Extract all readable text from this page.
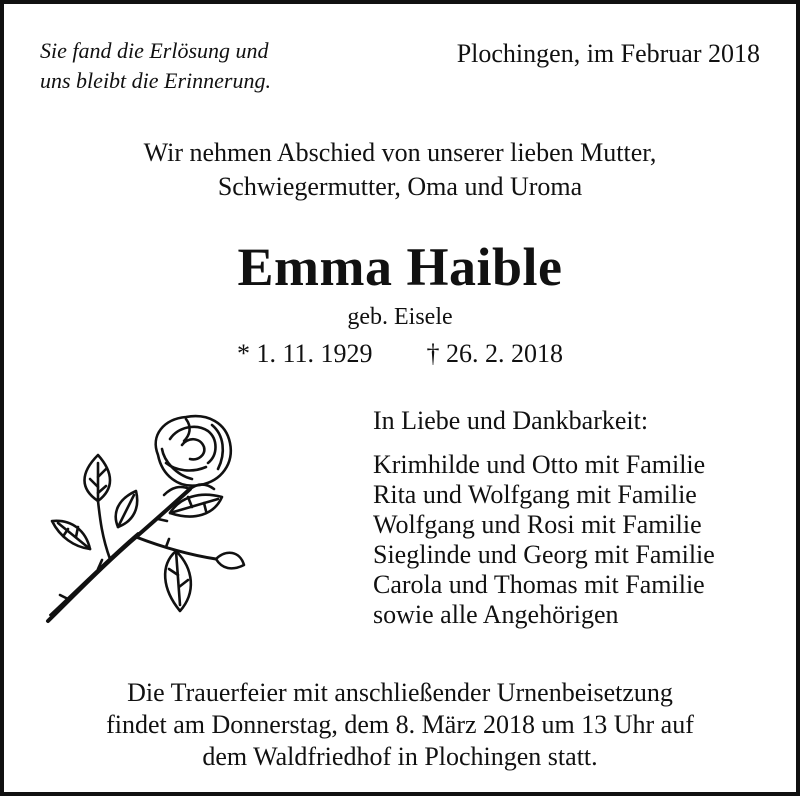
Sie fand die Erlösung und
uns bleibt die Erinnerung.

Plochingen, im Februar 2018

Wir nehmen Abschied von unserer lieben Mutter,
Schwiegermutter, Oma und Uroma

Emma Haible

geb. Eisele

* 1. 11. 1929 † 26. 2. 2018

In Liebe und Dankbarkeit:
Krimhilde und Otto mit Familie
Rita und Wolfgang mit Familie
Wolfgang und Rosi mit Familie
Sieglinde und Georg mit Familie
Carola und Thomas mit Familie
sowie alle Angehörigen

Die Trauerfeier mit anschließender Urnenbeisetzung
findet am Donnerstag, dem 8. März 2018 um 13 Uhr auf
dem Waldfriedhof in Plochingen statt.
